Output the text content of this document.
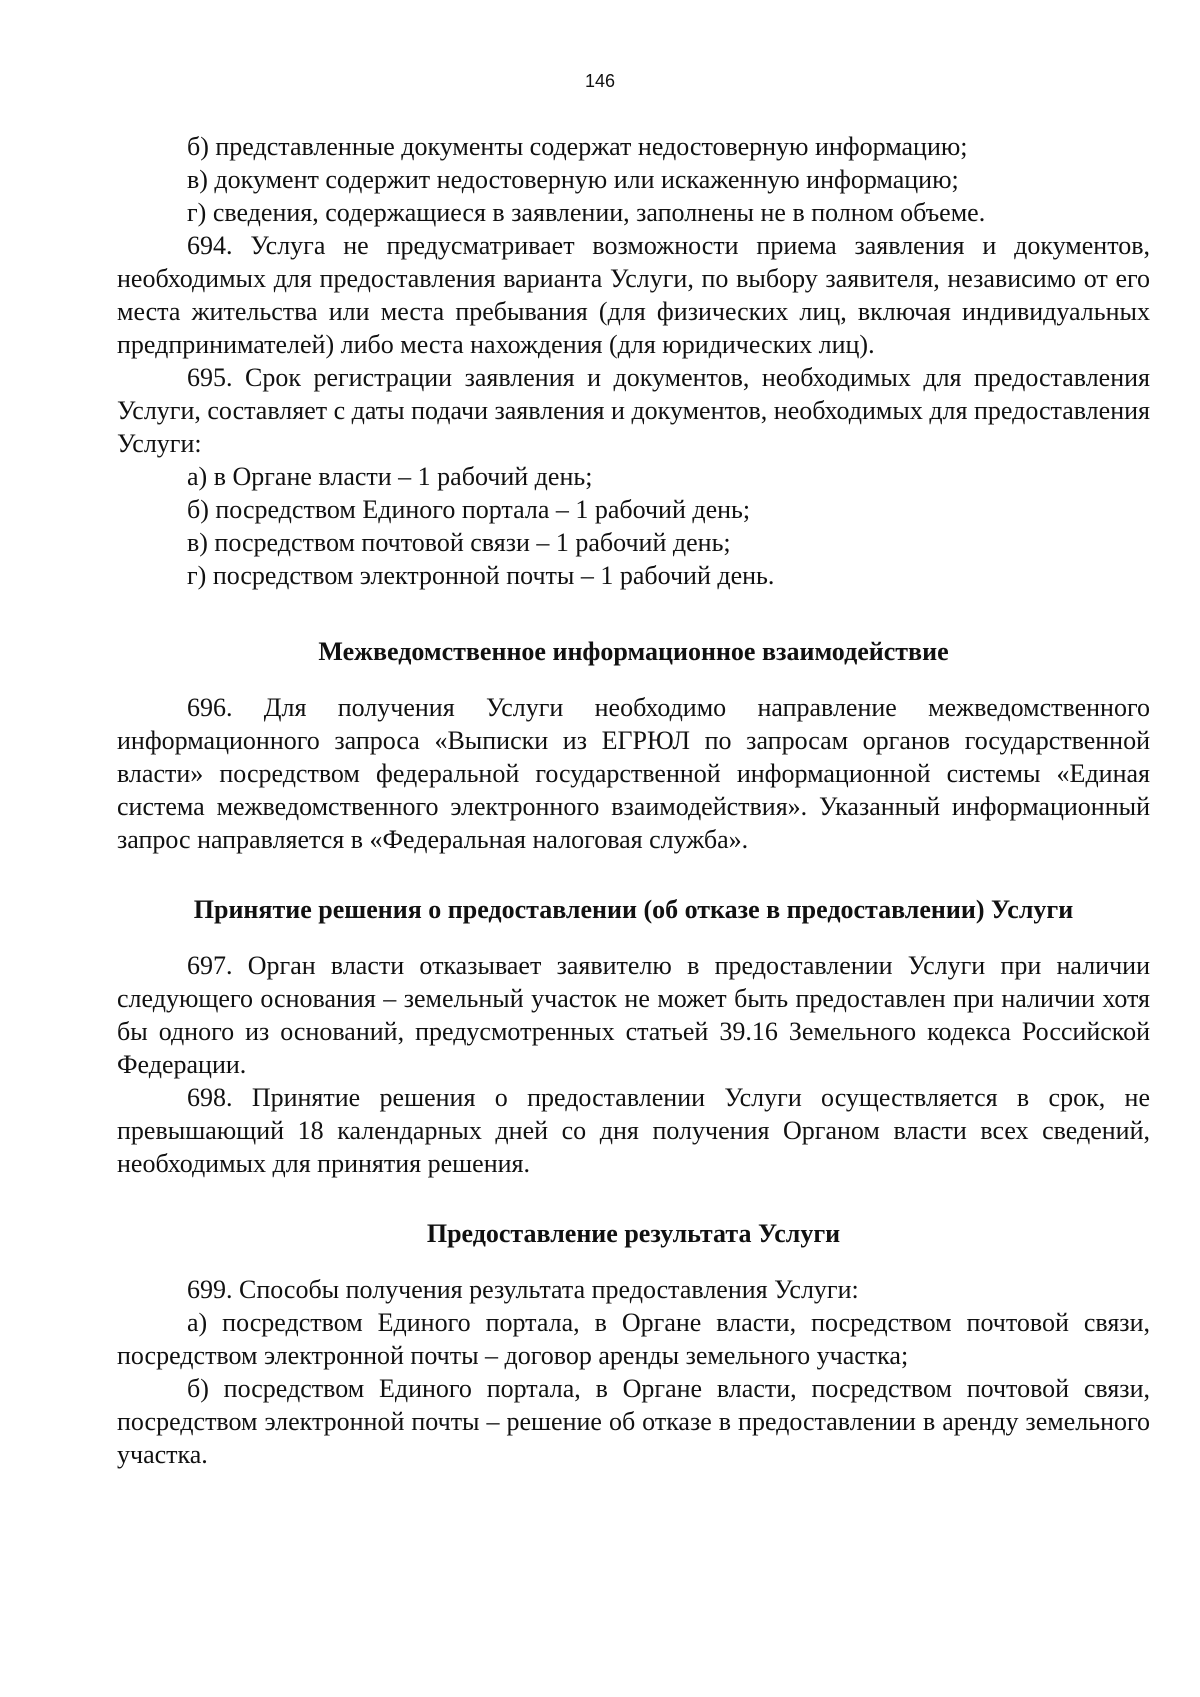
146

б) представленные документы содержат недостоверную информацию;

в) документ содержит недостоверную или искаженную информацию;

г) сведения, содержащиеся в заявлении, заполнены не в полном объеме.

694. Услуга не предусматривает возможности приема заявления и документов, необходимых для предоставления варианта Услуги, по выбору заявителя, независимо от его места жительства или места пребывания (для физических лиц, включая индивидуальных предпринимателей) либо места нахождения (для юридических лиц).

695. Срок регистрации заявления и документов, необходимых для предоставления Услуги, составляет с даты подачи заявления и документов, необходимых для предоставления Услуги:

а) в Органе власти – 1 рабочий день;

б) посредством Единого портала – 1 рабочий день;

в) посредством почтовой связи – 1 рабочий день;

г) посредством электронной почты – 1 рабочий день.

Межведомственное информационное взаимодействие

696. Для получения Услуги необходимо направление межведомственного информационного запроса «Выписки из ЕГРЮЛ по запросам органов государственной власти» посредством федеральной государственной информационной системы «Единая система межведомственного электронного взаимодействия». Указанный информационный запрос направляется в «Федеральная налоговая служба».

Принятие решения о предоставлении (об отказе в предоставлении) Услуги

697. Орган власти отказывает заявителю в предоставлении Услуги при наличии следующего основания – земельный участок не может быть предоставлен при наличии хотя бы одного из оснований, предусмотренных статьей 39.16 Земельного кодекса Российской Федерации.

698. Принятие решения о предоставлении Услуги осуществляется в срок, не превышающий 18 календарных дней со дня получения Органом власти всех сведений, необходимых для принятия решения.

Предоставление результата Услуги

699. Способы получения результата предоставления Услуги:

а) посредством Единого портала, в Органе власти, посредством почтовой связи, посредством электронной почты – договор аренды земельного участка;

б) посредством Единого портала, в Органе власти, посредством почтовой связи, посредством электронной почты – решение об отказе в предоставлении в аренду земельного участка.
